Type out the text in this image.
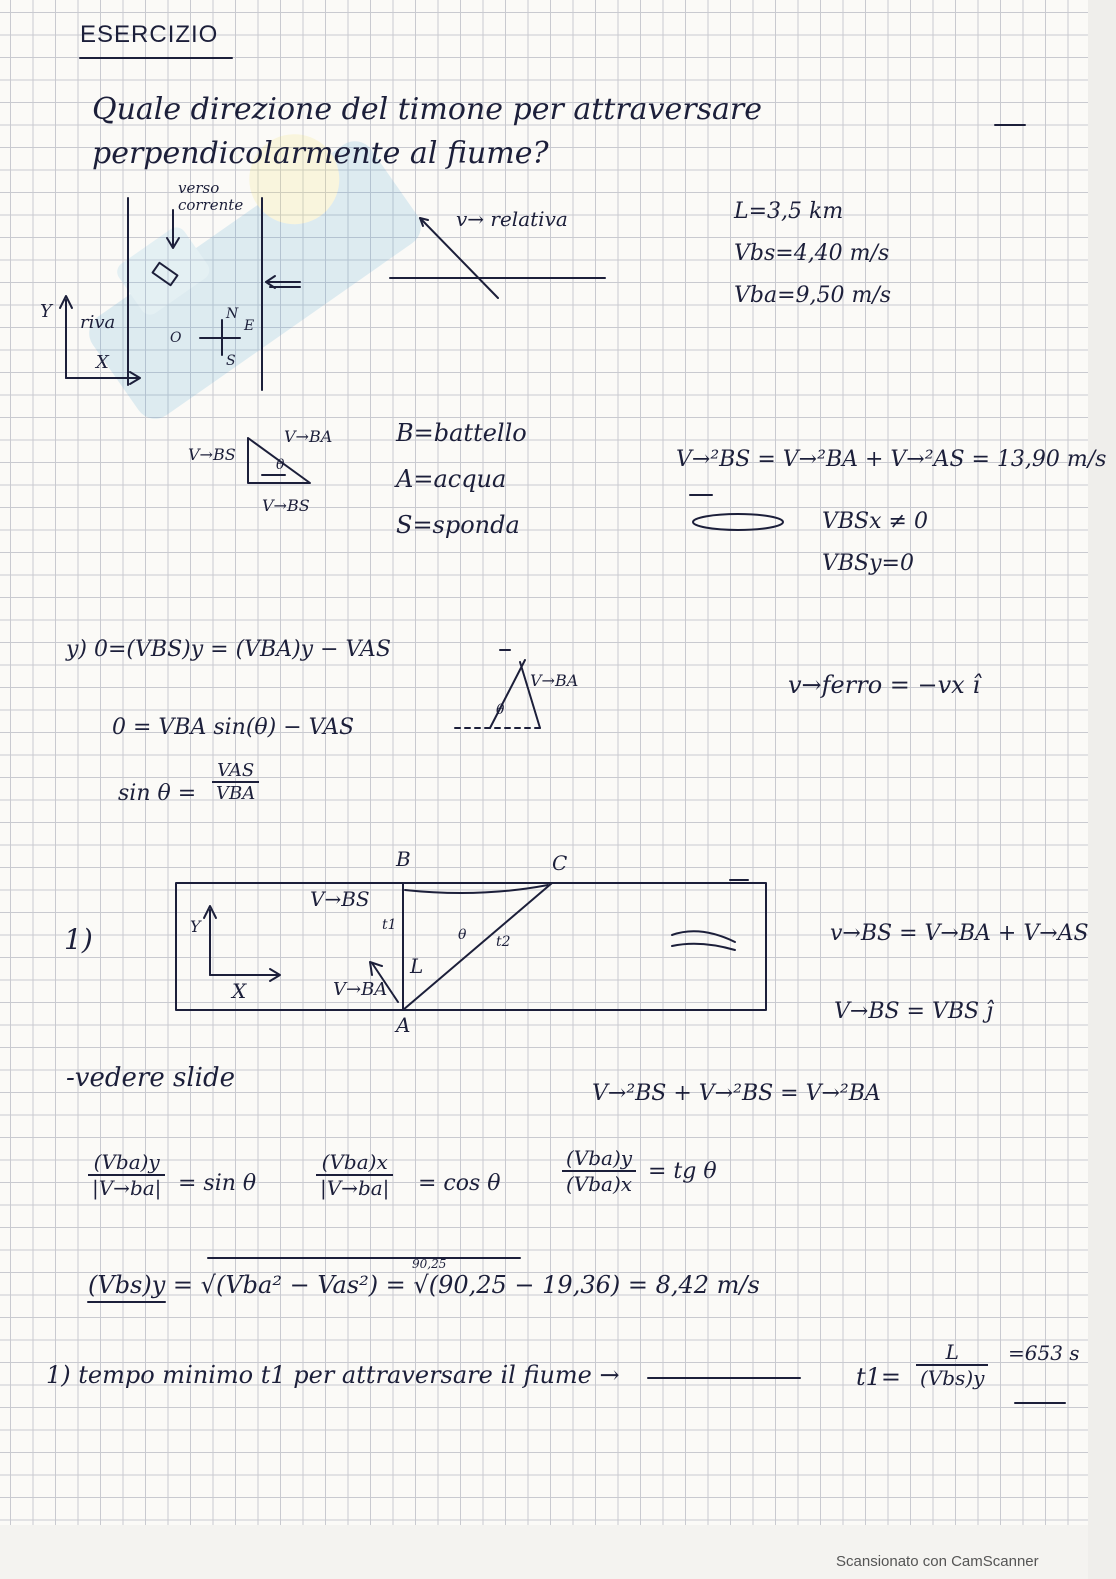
ESERCIZIO
Quale direzione del timone per attraversare perpendicolarmente al fiume?
verso corrente
riva
Y
X
O
N
E
S
v→ relativa	L=3,5 km
Vbs=4,40 m/s
Vba=9,50 m/s
V→BS
V→BA
V→BS
θ
B=battello
A=acqua
S=sponda
V→²BS = V→²BA + V→²AS = 13,90 m/s
VBSx ≠ 0
VBSy=0
y) 0=(VBS)y = (VBA)y − VAS
0 = VBA sin(θ) − VAS
sin θ =
VAS
VBA
v→ferro = −vx î
V→BA
θ
1)
B	C
A
V→BS
V→BA
t1
L
t2
θ
Y
X
v→BS = V→BA + V→AS
V→BS = VBS ĵ
-vedere slide
V→²BS + V→²BS = V→²BA
(Vba)y
|V→ba| = sin θ
(Vba)x
|V→ba| = cos θ
(Vba)y
(Vba)x = tg θ
(Vbs)y = √(Vba² − Vas²) = √(90,25 − 19,36) = 8,42 m/s
90,25
1) tempo minimo t1 per attraversare il fiume →	t1=
L
(Vbs)y
=653 s
Scansionato con CamScanner
